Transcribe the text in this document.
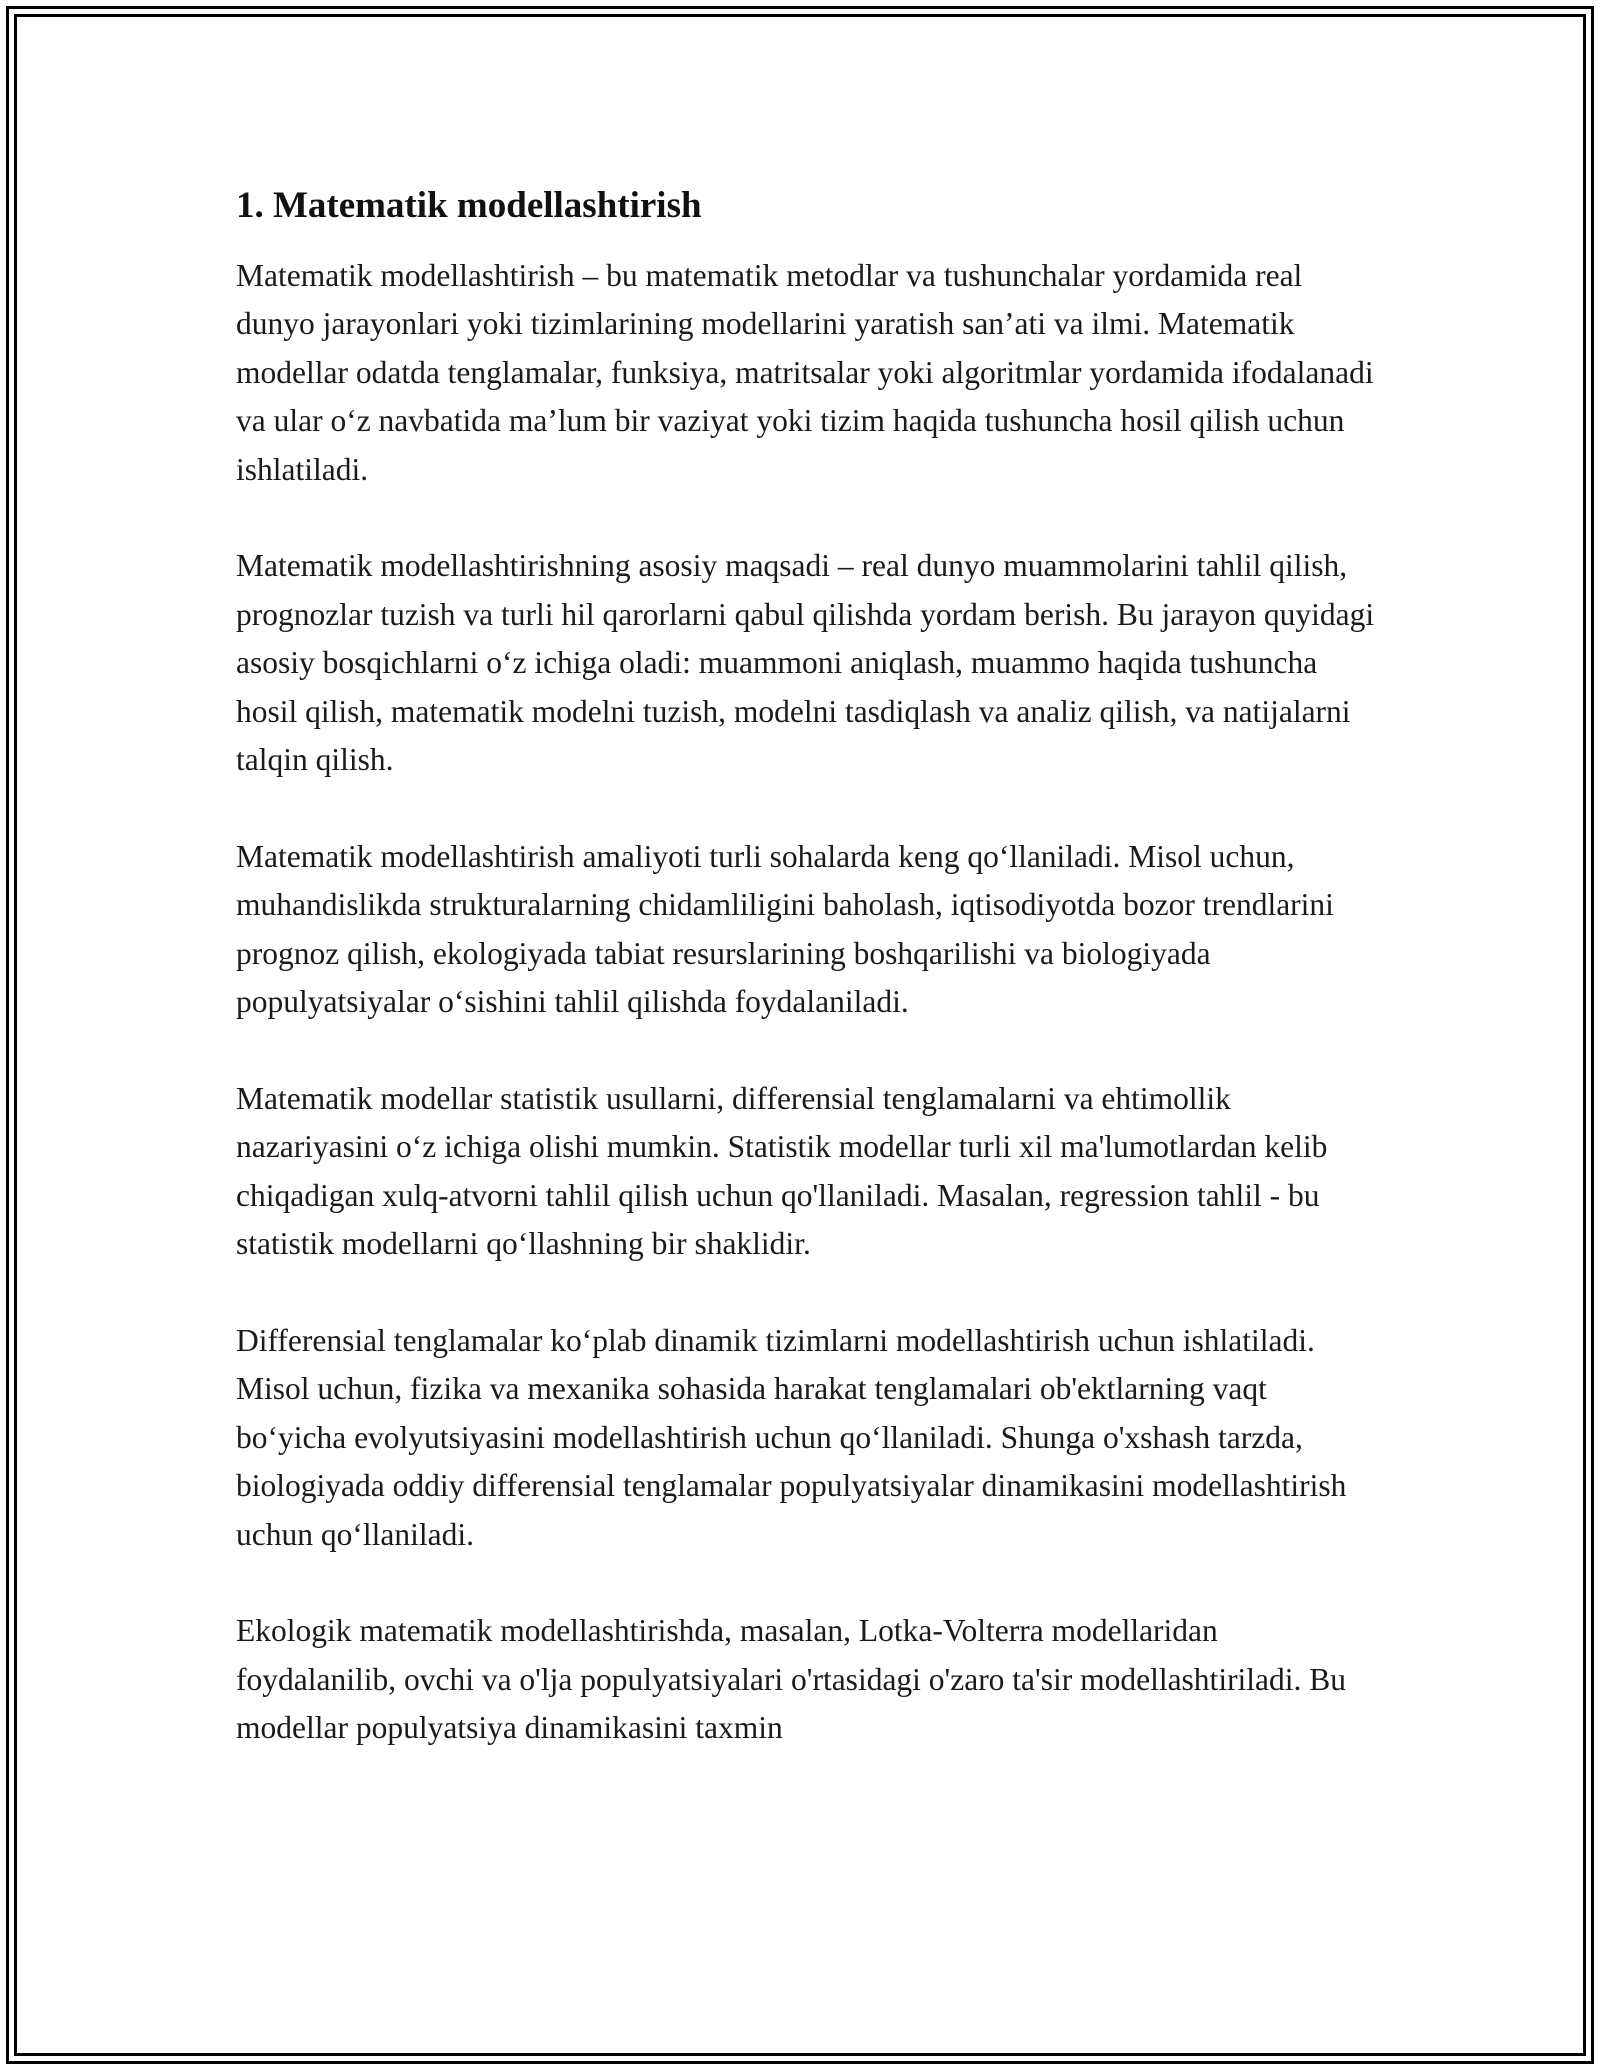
1. Matematik modellashtirish

Matematik modellashtirish – bu matematik metodlar va tushunchalar yordamida real dunyo jarayonlari yoki tizimlarining modellarini yaratish san’ati va ilmi. Matematik modellar odatda tenglamalar, funksiya, matritsalar yoki algoritmlar yordamida ifodalanadi va ular o‘z navbatida ma’lum bir vaziyat yoki tizim haqida tushuncha hosil qilish uchun ishlatiladi.

Matematik modellashtirishning asosiy maqsadi – real dunyo muammolarini tahlil qilish, prognozlar tuzish va turli hil qarorlarni qabul qilishda yordam berish. Bu jarayon quyidagi asosiy bosqichlarni o‘z ichiga oladi: muammoni aniqlash, muammo haqida tushuncha hosil qilish, matematik modelni tuzish, modelni tasdiqlash va analiz qilish, va natijalarni talqin qilish.

Matematik modellashtirish amaliyoti turli sohalarda keng qo‘llaniladi. Misol uchun, muhandislikda strukturalarning chidamliligini baholash, iqtisodiyotda bozor trendlarini prognoz qilish, ekologiyada tabiat resurslarining boshqarilishi va biologiyada populyatsiyalar o‘sishini tahlil qilishda foydalaniladi.

Matematik modellar statistik usullarni, differensial tenglamalarni va ehtimollik nazariyasini o‘z ichiga olishi mumkin. Statistik modellar turli xil ma'lumotlardan kelib chiqadigan xulq-atvorni tahlil qilish uchun qo'llaniladi. Masalan, regression tahlil - bu statistik modellarni qo‘llashning bir shaklidir.

Differensial tenglamalar ko‘plab dinamik tizimlarni modellashtirish uchun ishlatiladi. Misol uchun, fizika va mexanika sohasida harakat tenglamalari ob'ektlarning vaqt bo‘yicha evolyutsiyasini modellashtirish uchun qo‘llaniladi. Shunga o'xshash tarzda, biologiyada oddiy differensial tenglamalar populyatsiyalar dinamikasini modellashtirish uchun qo‘llaniladi.

Ekologik matematik modellashtirishda, masalan, Lotka-Volterra modellaridan foydalanilib, ovchi va o'lja populyatsiyalari o'rtasidagi o'zaro ta'sir modellashtiriladi. Bu modellar populyatsiya dinamikasini taxmin
